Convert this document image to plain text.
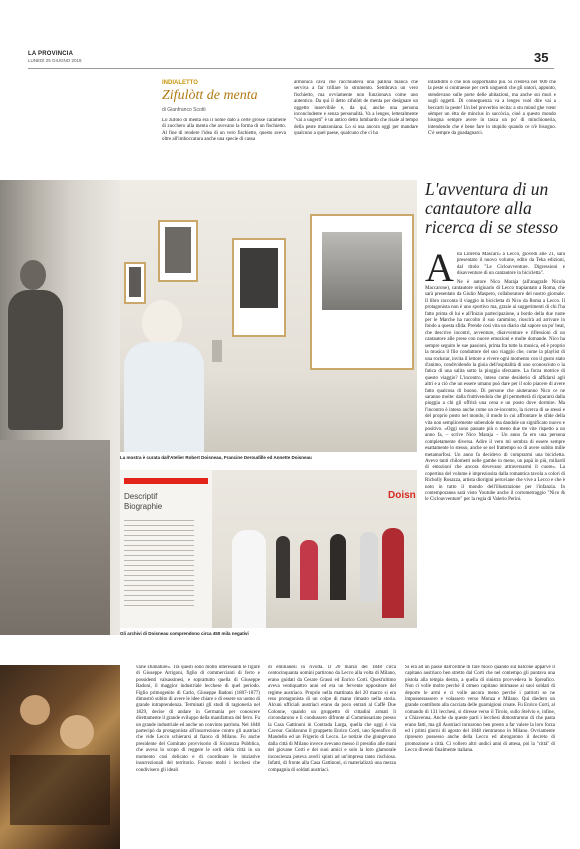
LA PROVINCIA
LUNEDÌ 25 GIUGNO 2018	35
INDIALETTO
Zifulòtt de menta
di Gianfranco Scotti
Lo zufolo di menta era il nome dato a certe grosse caramelle di zucchero alla menta che avevano la forma di un fischietto. Al fine di rendere l'idea di un vero fischietto, questo aveva oltre all'imboccatura anche una specie di cassa
armonica cava che racchiudeva una pallina bianca che serviva a far trillare lo strumento. Sembrava un vero fischietto, ma ovviamente non funzionava come uno autentico. Da qui il detto zifulòtt de menta per designare un oggetto inservibile e, da qui, anche una persona inconcludente e senza personalità. Va a lenges, letteralmente "vai a ungerti" è un antico detto lombardo che risale al tempo della peste manzoniana. Lo si usa ancora oggi per mandare qualcuno a quel paese, qualcuno che ci ha
infastidito o che non sopportiamo più. Si credeva nel '600 che la peste si contraesse per certi unguenti che gli untori, appunto, stendevano sulle porte delle abitazioni, ma anche sui muri e sugli oggetti. Di conseguenza va a lenges vuol dire vai a beccarti la peste! Un bel proverbio recita: a stu mùnd ghe vœur sèmper un étta de mincius in saccòcia, cioè a questo mondo bisogna sempre avere in tasca un po' di minchioneria, intendendo che è bene fare lo stupido quando ce n'è bisogno. C'è sempre da guadagnarci.
L'avventura di un cantautore alla ricerca di se stesso
La mostra è curata dall'Atelier Robert Doisneau, Francine Deroudille ed Annette Doisneau
Descriptif
Biographie
Doisn
Gli archivi di Doisneau comprendono circa 450 mila negativi
A lla Libreria Mascari5 a Lecco, giovedì alle 21, sarà presentato il nuovo volume, edito da Teka edizioni, dal titolo "Le Cicloavventure. Digressioni e disavventure di un cantautore in bicicletta".

Ne è autore Nico Maraja (all'anagrafe Nicola Maccarone), cantautore originario di Lecco trapiantato a Roma, che sarà presentato da Giulio Maspero, collaboratore del nostro giornale. Il libro racconta il viaggio in bicicletta di Nico da Roma a Lecco. Il protagonista non è uno sportivo ma, grazie ai suggerimenti di chi l'ha fatto prima di lui e all'Inizio partecipazione, a bordo della due ruote per le Marche ha raccolto il suo cammino, riuscirà ad arrivare in fondo a questa sfida. Prende così vita un diario dal sapore un po' beat, che descrive incontri, avventure, disavventure e riflessioni di un cantautore alle prese con nuove emozioni e molte domande. Nico ha sempre seguito le sue passioni, prima fra tutte la musica, ed è proprio la musica il filo conduttore del suo viaggio che, come la playlist di una rockstar, invita il lettore a vivere ogni momento con il gusto stato d'animo, condividendo la gioia dell'ospitalità di uno sconosciuto o la fatica di una salita sotto la pioggia sferzante. La forza motrice di questo viaggio? L'incontro, inteso come desiderio di affidarsi agli altri e a ciò che un essere umano può dare per il solo piacere di avere fatto qualcosa di buono. Di persone che aiuteranno Nico ce ne saranno molte: dalla fruttivendola che gli permetterà di ripararsi dalla pioggia a chi gli offrirà una cena e un posto dove dormire. Ma l'incontro è inteso anche come un re-incontro, la ricerca di se stessi e del proprio posto nel mondo, il modo in cui affrontare le sfide della vita non semplicemente subendole ma dandole un significato nuovo e positivo. «Oggi sono passate più o meno due tre vite rispetto a un anno fa, – scrive Nico Maraja – Un anno fa ero una persona completamente diversa. Adire il vero mi sembra di essere sempre esattamente lo stesso, anche se nel frattempo so di avere subìto mille metamorfosi. Un anno fa decidevo di comprarmi una bicicletta. Avevo tanti chilometri nelle gambe in meno, un papà in più, miliardi di emozioni che ancora dovevano attraversarmi il cuore». La copertina del volume è impreziosita dalla romantica tavola a colori di Richolly Rosazza, artista diorigini peruviane che vive a Lecco e che è noto in tutto il mondo dell'illustrazione per l'infanzia. In contemporanea sarà visto Youtube anche il cortometraggio "Nico & le Cicloavventure" per la regia di Valerio Perini.

varie sfumature». Tra questi sono molto interessanti le figure di Giuseppe Arrigoni, figlio di commercianti di ferro e possidenti valsassinesi, e soprattutto quella di Giuseppe Badoni, il maggior industriale lecchese di quel periodo. Figlio primogenito di Carlo, Giuseppe Badoni (1807-1877) dimostrò subito di avere le idee chiare e di essere un uomo di grande intraprendenza. Terminati gli studi di ragioneria nel 1829, decise di andare in Germania per conoscere direttamente il grande sviluppo della manifattura del ferro. Fu un grande industriale ed anche un convinto patriota. Nel 1848 partecipò da protagonista all'insurrezione contro gli austriaci che vide Lecco schierarsi al fianco di Milano. Fu anche presidente del Comitato provvisorio di Sicurezza Pubblica, che aveva lo scopo di reggere le sorti della città in un momento così delicato e di coordinare le iniziative insurrezionali del territorio. Furono molti i lecchesi che condivisero gli ideali
di emilianesi in rivolta. Il 20 marzo del 1848 circa centocinquanta uomini partirono da Lecco alla volta di Milano, erano guidati da Cesare Grassi ed Enrico Corti. Quest'ultimo aveva ventiquattro anni ed era un fervente oppositore del regime austriaco. Proprio nella mattinata del 20 marzo si era reso protagonista di un colpo di mano rimasto nella storia. Alcuni ufficiali austriaci erano da poco entrati al Caffè Due Colonne, quando un gruppetto di cittadini armati li circondarono e li condussero difronte al Commissariato presso la Casa Gattinoni in Contrada Larga, quella che oggi è via Cavour. Guidavano il gruppetto Enrico Corti, uno Spreafico di Mandello ed un Frigerio di Lecco. Le notizie che giungevano dalla città di Milano invece avevano messo il presidio alle mani del giovane Corti e dei suoi amici e solo la loro glamorale incoscienza poteva averli spinti ad un'impresa tanto rischiosa. Infatti, di fronte alla Casa Gattinoni, si materializzò una mezza compagnia di soldati austriaci.
Si era ad un passo dall'ordine di fare fuoco quando sul balcone apparve il capitano austriaco ben stretto dal Corti che nel contempo gli puntava una pistola alla tempia destra, a quella di sinistra provvedeva lo Spreafico. Non ci volle molto perché il ormeo capitano intimasse ai suoi soldati di deporre le armi e ci volle ancora meno perché i patrioti se ne impossessassero e volassero verso Monza e Milano. Qui diedero un grande contributo alla cacciata delle guarnigioni croate. Fu Enrico Corti, al comando di 131 lecchesi, si diresse verso il Tirolo, sullo Stelvio e, infine, a Chiavenna. Anche da queste parti i lecchesi dimostrarono di che pasta erano fatti, ma gli Austriaci tornarono ben presto a far valere la loro forza ed i primi giorni di agosto del 1848 rientrarono in Milano. Ovviamente ripresero possesso anche della Lecco ed abrogarono il decreto di promozione a città. Ci vollero altri undici anni di attesa, poi la "città" di Lecco diventò finalmente italiana.
